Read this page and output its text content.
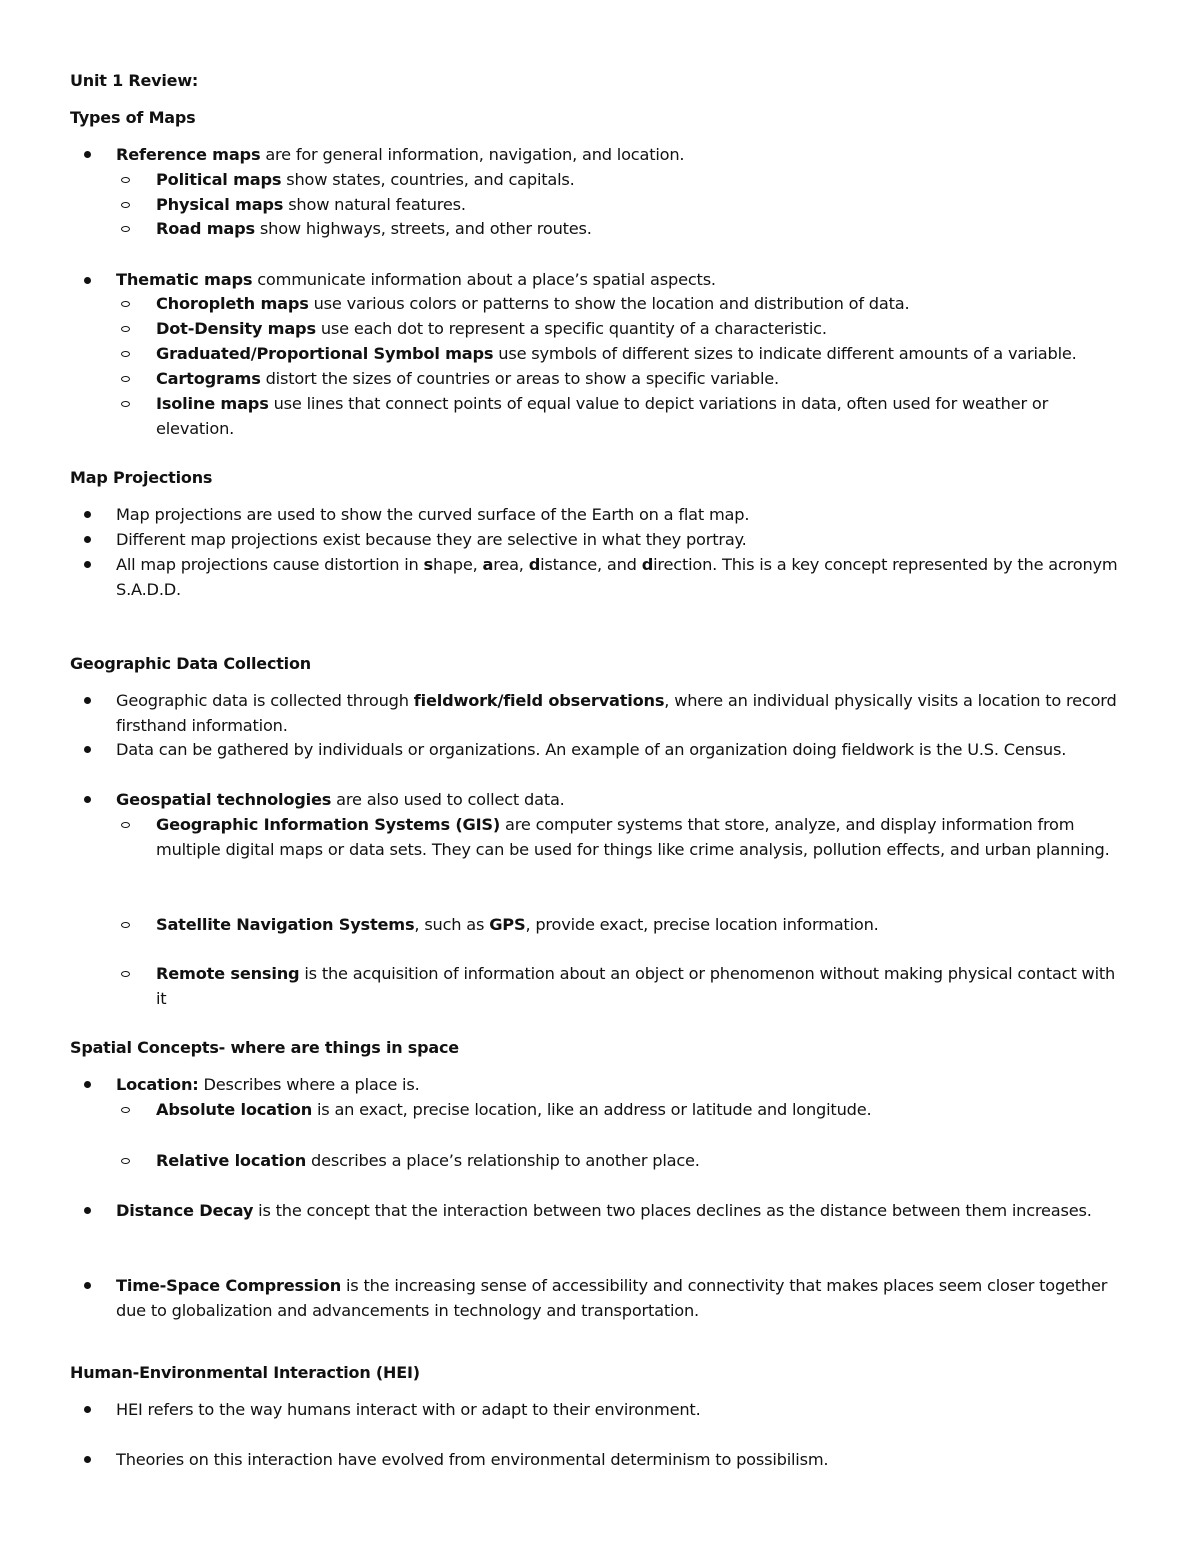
Unit 1 Review:
Types of Maps
Reference maps are for general information, navigation, and location.
Political maps show states, countries, and capitals.
Physical maps show natural features.
Road maps show highways, streets, and other routes.
Thematic maps communicate information about a place’s spatial aspects.
Choropleth maps use various colors or patterns to show the location and distribution of data.
Dot-Density maps use each dot to represent a specific quantity of a characteristic.
Graduated/Proportional Symbol maps use symbols of different sizes to indicate different amounts of a variable.
Cartograms distort the sizes of countries or areas to show a specific variable.
Isoline maps use lines that connect points of equal value to depict variations in data, often used for weather or elevation.
Map Projections
Map projections are used to show the curved surface of the Earth on a flat map.
Different map projections exist because they are selective in what they portray.
All map projections cause distortion in shape, area, distance, and direction. This is a key concept represented by the acronym S.A.D.D.
Geographic Data Collection
Geographic data is collected through fieldwork/field observations, where an individual physically visits a location to record firsthand information.
Data can be gathered by individuals or organizations. An example of an organization doing fieldwork is the U.S. Census.
Geospatial technologies are also used to collect data.
Geographic Information Systems (GIS) are computer systems that store, analyze, and display information from multiple digital maps or data sets. They can be used for things like crime analysis, pollution effects, and urban planning.
Satellite Navigation Systems, such as GPS, provide exact, precise location information.
Remote sensing is the acquisition of information about an object or phenomenon without making physical contact with it
Spatial Concepts- where are things in space
Location: Describes where a place is.
Absolute location is an exact, precise location, like an address or latitude and longitude.
Relative location describes a place’s relationship to another place.
Distance Decay is the concept that the interaction between two places declines as the distance between them increases.
Time-Space Compression is the increasing sense of accessibility and connectivity that makes places seem closer together due to globalization and advancements in technology and transportation.
Human-Environmental Interaction (HEI)
HEI refers to the way humans interact with or adapt to their environment.
Theories on this interaction have evolved from environmental determinism to possibilism.
